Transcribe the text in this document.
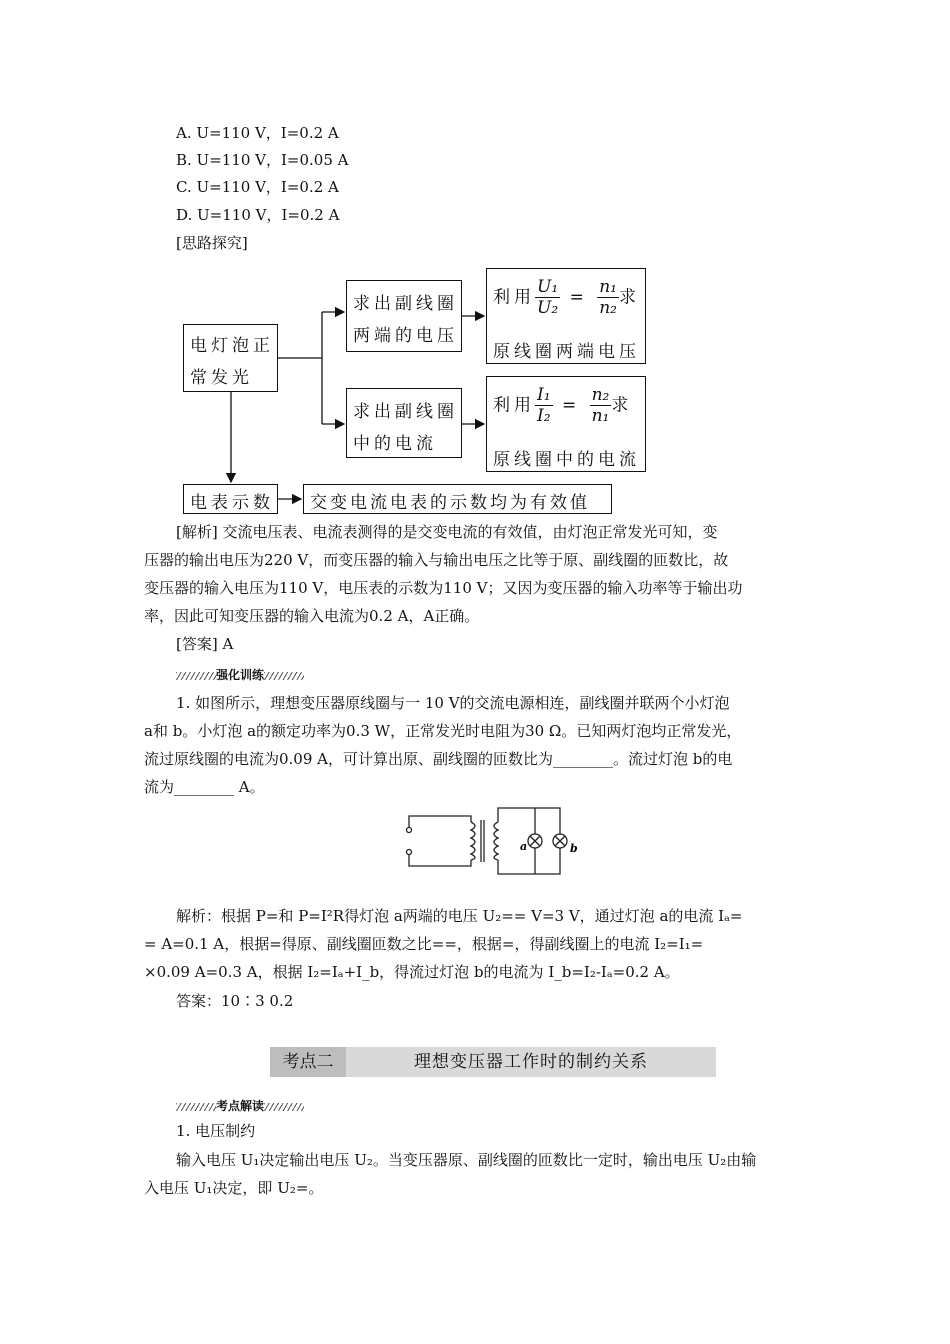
A. U=110 V，I=0.2 A
B. U=110 V，I=0.05 A
C. U=110 V，I=0.2 A
D. U=110 V，I=0.2 A
[思路探究]
电灯泡正
常发光
求出副线圈
两端的电压
利用 $\frac{\text{U₁}}{\text{U₂}} = \frac{\text{n₁}}{\text{n₂}}$ 求
原线圈两端电压
求出副线圈
中的电流
利用 $\frac{\text{I₁}}{\text{I₂}} = \frac{\text{n₂}}{\text{n₁}}$ 求
原线圈中的电流
电表示数 交变电流电表的示数均为有效值
[解析] 交流电压表、电流表测得的是交变电流的有效值，由灯泡正常发光可知，变
压器的输出电压为220 V，而变压器的输入与输出电压之比等于原、副线圈的匝数比，故
变压器的输入电压为110 V，电压表的示数为110 V；又因为变压器的输入功率等于输出功
率，因此可知变压器的输入电流为0.2 A，A正确。
[答案] A
强化训练
1. 如图所示，理想变压器原线圈与一 10 V的交流电源相连，副线圈并联两个小灯泡
a和 b。小灯泡 a的额定功率为0.3 W，正常发光时电阻为30 Ω。已知两灯泡均正常发光，
流过原线圈的电流为0.09 A，可计算出原、副线圈的匝数比为________。流过灯泡 b的电
流为________ A。
a	b
解析：根据 P=和 P=I²R得灯泡 a两端的电压 U₂== V=3 V，通过灯泡 a的电流 Iₐ=
= A=0.1 A，根据=得原、副线圈匝数之比==，根据=，得副线圈上的电流 I₂=I₁=
×0.09 A=0.3 A，根据 I₂=Iₐ+I_b，得流过灯泡 b的电流为 I_b=I₂-Iₐ=0.2 A。
答案：10∶3 0.2
考点二	理想变压器工作时的制约关系
考点解读
1. 电压制约
输入电压 U₁决定输出电压 U₂。当变压器原、副线圈的匝数比一定时，输出电压 U₂由输
入电压 U₁决定，即 U₂=。
